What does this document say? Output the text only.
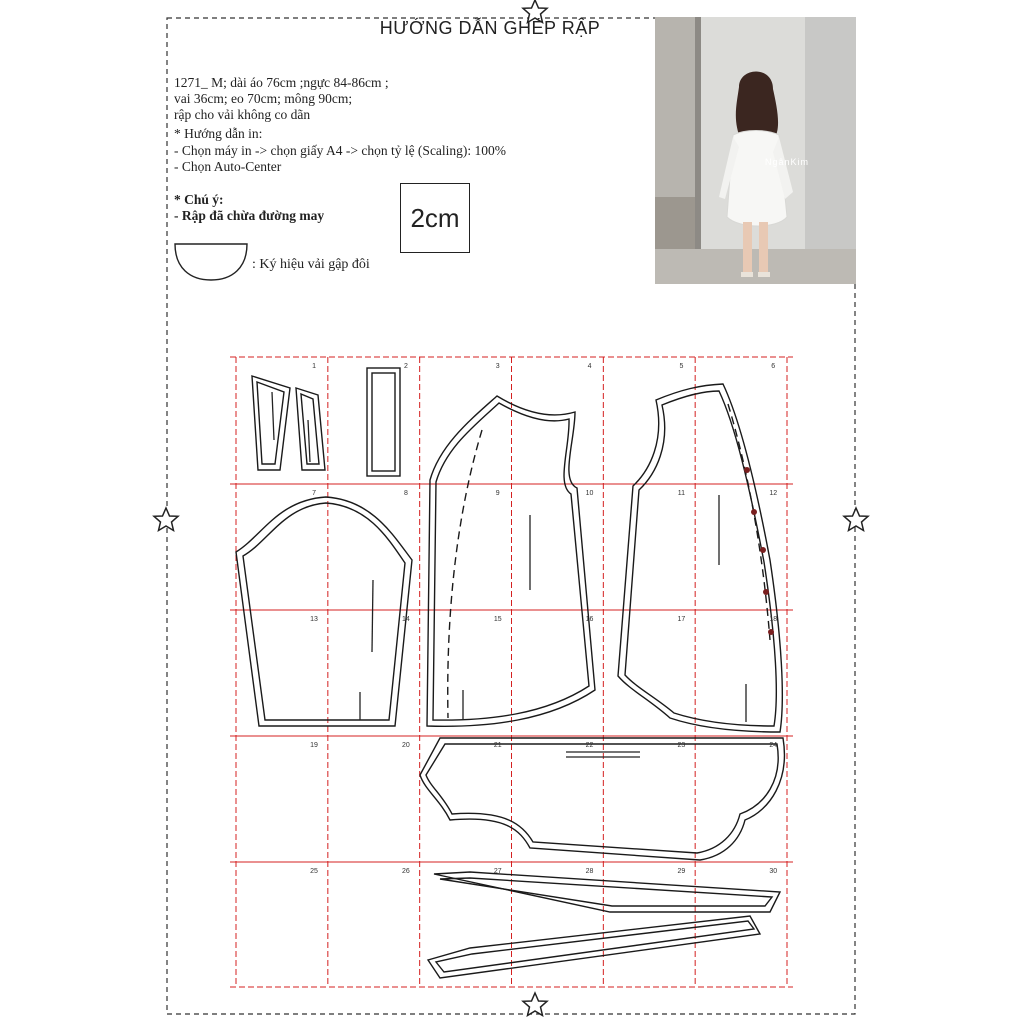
1	2	3	4	5	6
7	8	9	10	11	12
13	14	15	16	17	18
19	20	21	22	23	24
25	26	27	28	29	30
HƯỚNG DẪN GHÉP RẬP
1271_ M; dài áo 76cm ;ngực 84-86cm ;
vai 36cm; eo 70cm; mông 90cm;
rập cho vải không co dãn
* Hướng dẫn in:
- Chọn máy in -> chọn giấy A4 -> chọn tỷ lệ (Scaling): 100%
- Chọn Auto-Center
* Chú ý:
- Rập đã chừa đường may	2cm
: Ký hiệu vải gập đôi
NgânKim
